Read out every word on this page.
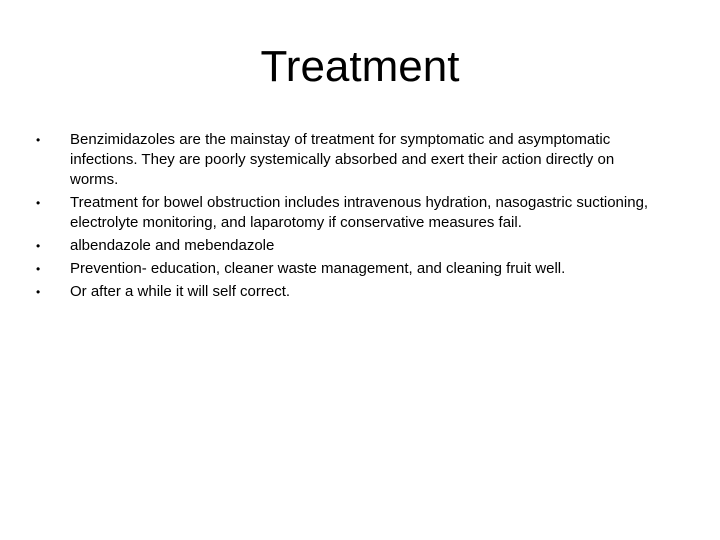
Treatment
• Benzimidazoles are the mainstay of treatment for symptomatic and asymptomatic infections. They are poorly systemically absorbed and exert their action directly on worms.
• Treatment for bowel obstruction includes intravenous hydration, nasogastric suctioning, electrolyte monitoring, and laparotomy if conservative measures fail.
• albendazole and mebendazole
• Prevention- education, cleaner waste management, and cleaning fruit well.
• Or after a while it will self correct.
